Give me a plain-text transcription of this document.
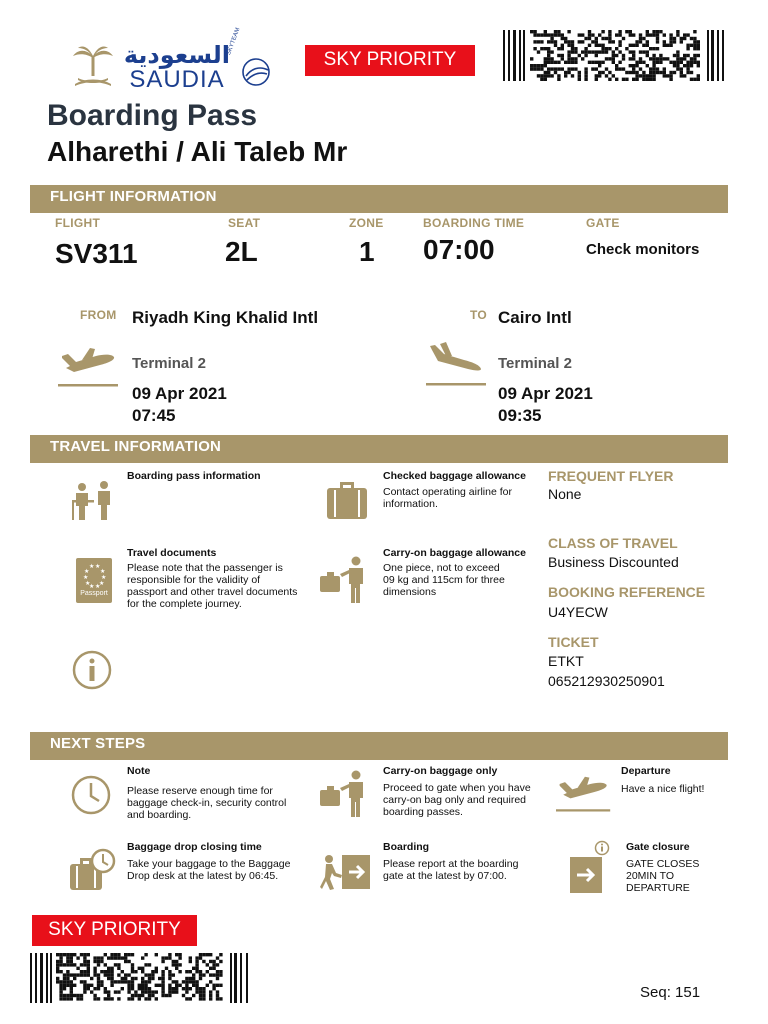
السعودية
SAUDIA
SKYTEAM
SKY PRIORITY
Boarding Pass
Alharethi / Ali Taleb Mr
FLIGHT INFORMATION
FLIGHT
SV311
SEAT
2L
ZONE
1
BOARDING TIME
07:00
GATE
Check monitors
FROM Riyadh King Khalid Intl
Terminal 2
09 Apr 2021
07:45
TO Cairo Intl
Terminal 2
09 Apr 2021
09:35
TRAVEL INFORMATION
Boarding pass information	Checked baggage allowance
Contact operating airline for information.
★ ★
★ ★
★ ★
★ ★
★ ★
Passport
Travel documents
Please note that the passenger is responsible for the validity of passport and other travel documents for the complete journey.
Carry-on baggage allowance
One piece, not to exceed 09 kg and 115cm for three dimensions
FREQUENT FLYER
None
CLASS OF TRAVEL
Business Discounted
BOOKING REFERENCE
U4YECW
TICKET
ETKT
065212930250901
NEXT STEPS
Note
Please reserve enough time for baggage check-in, security control and boarding.
Carry-on baggage only
Proceed to gate when you have carry-on bag only and required boarding passes.
Departure
Have a nice flight!
Baggage drop closing time
Take your baggage to the Baggage Drop desk at the latest by 06:45.
Boarding
Please report at the boarding gate at the latest by 07:00.
Gate closure
GATE CLOSES 20MIN TO DEPARTURE
SKY PRIORITY
Seq: 151
